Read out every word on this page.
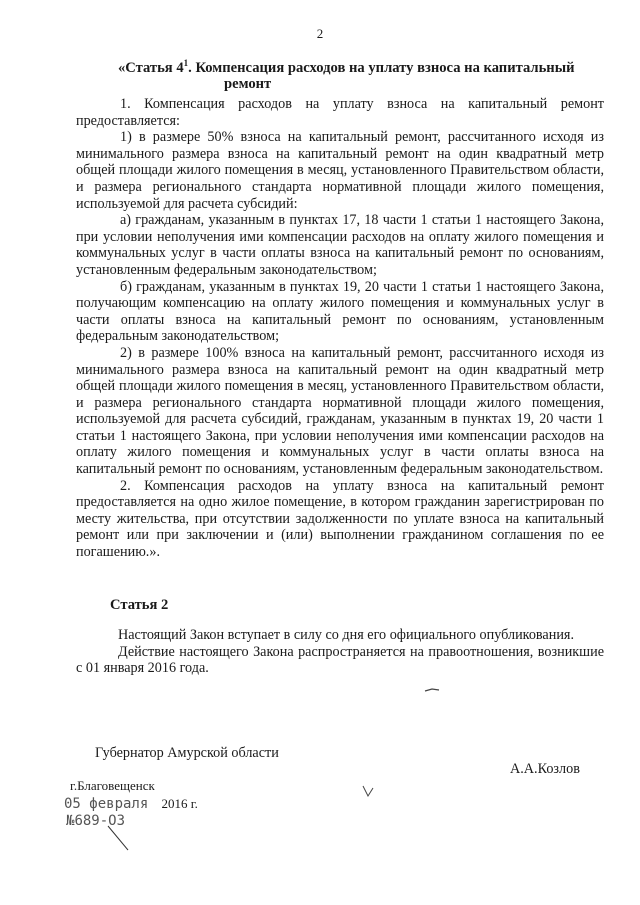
2
«Статья $4^1$. Компенсация расходов на уплату взноса на капитальный
ремонт

1. Компенсация расходов на уплату взноса на капитальный ремонт предоставляется:

1) в размере 50% взноса на капитальный ремонт, рассчитанного исходя из минимального размера взноса на капитальный ремонт на один квадратный метр общей площади жилого помещения в месяц, установленного Правительством области, и размера регионального стандарта нормативной площади жилого помещения, используемой для расчета субсидий:

а) гражданам, указанным в пунктах 17, 18 части 1 статьи 1 настоящего Закона, при условии неполучения ими компенсации расходов на оплату жилого помещения и коммунальных услуг в части оплаты взноса на капитальный ремонт по основаниям, установленным федеральным законодательством;

б) гражданам, указанным в пунктах 19, 20 части 1 статьи 1 настоящего Закона, получающим компенсацию на оплату жилого помещения и коммунальных услуг в части оплаты взноса на капитальный ремонт по основаниям, установленным федеральным законодательством;

2) в размере 100% взноса на капитальный ремонт, рассчитанного исходя из минимального размера взноса на капитальный ремонт на один квадратный метр общей площади жилого помещения в месяц, установленного Правительством области, и размера регионального стандарта нормативной площади жилого помещения, используемой для расчета субсидий, гражданам, указанным в пунктах 19, 20 части 1 статьи 1 настоящего Закона, при условии неполучения ими компенсации расходов на оплату жилого помещения и коммунальных услуг в части оплаты взноса на капитальный ремонт по основаниям, установленным федеральным законодательством.

2. Компенсация расходов на уплату взноса на капитальный ремонт предоставляется на одно жилое помещение, в котором гражданин зарегистрирован по месту жительства, при отсутствии задолженности по уплате взноса на капитальный ремонт или при заключении и (или) выполнении гражданином соглашения по ее погашению.».

Статья 2

Настоящий Закон вступает в силу со дня его официального опубликования.

Действие настоящего Закона распространяется на правоотношения, возникшие с 01 января 2016 года.

Губернатор Амурской области
А.А.Козлов
г.Благовещенск
05 февраля 2016 г.
№689-ОЗ
